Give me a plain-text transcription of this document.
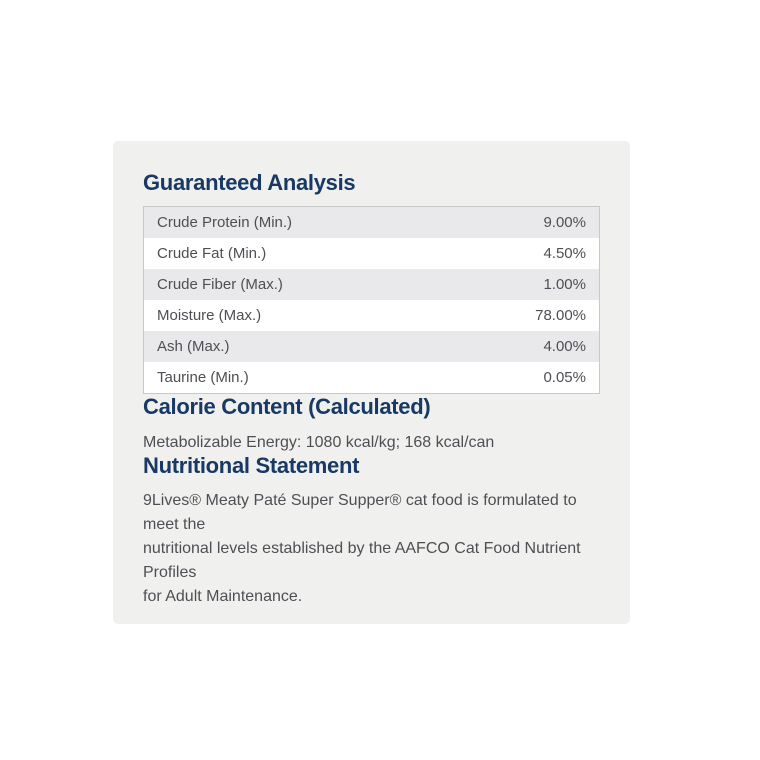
Guaranteed Analysis
Crude Protein (Min.)	9.00%
Crude Fat (Min.)	4.50%
Crude Fiber (Max.)	1.00%
Moisture (Max.)	78.00%
Ash (Max.)	4.00%
Taurine (Min.)	0.05%
Calorie Content (Calculated)

Metabolizable Energy: 1080 kcal/kg; 168 kcal/can

Nutritional Statement

9Lives® Meaty Paté Super Supper® cat food is formulated to meet the
nutritional levels established by the AAFCO Cat Food Nutrient Profiles
for Adult Maintenance.
